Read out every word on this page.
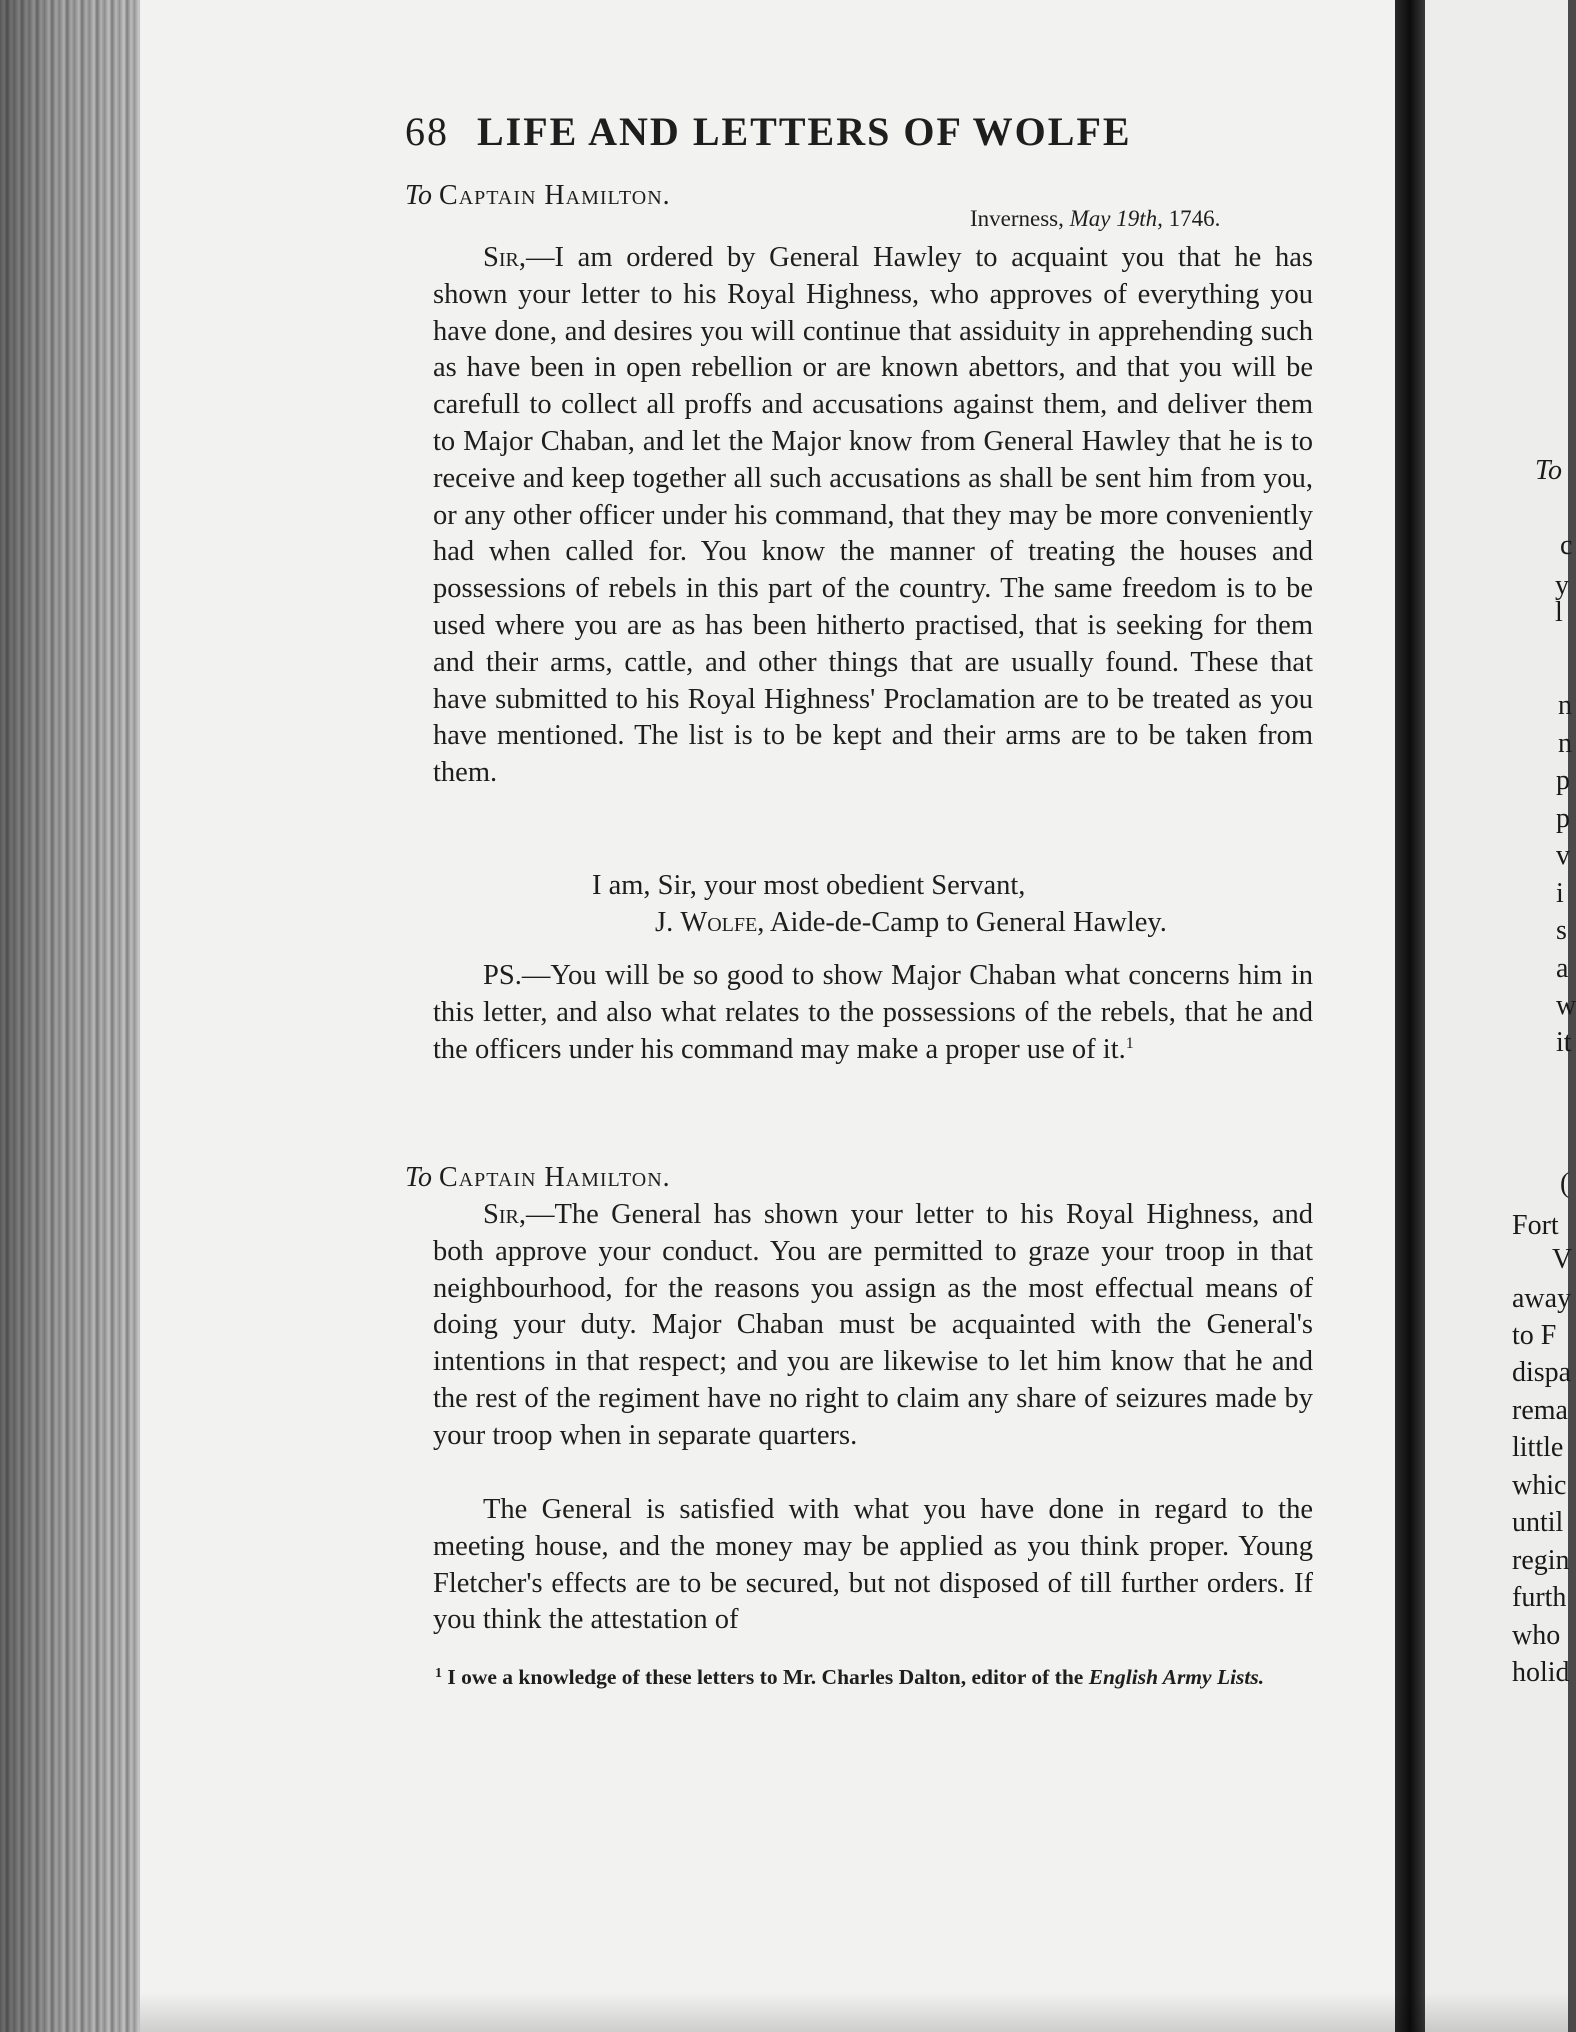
68 LIFE AND LETTERS OF WOLFE
To Captain Hamilton.
Inverness, May 19th, 1746.

Sir,—I am ordered by General Hawley to acquaint you that he has shown your letter to his Royal Highness, who approves of everything you have done, and desires you will continue that assiduity in apprehending such as have been in open rebellion or are known abettors, and that you will be carefull to collect all proffs and accusations against them, and deliver them to Major Chaban, and let the Major know from General Hawley that he is to receive and keep together all such accusations as shall be sent him from you, or any other officer under his command, that they may be more conveniently had when called for. You know the manner of treating the houses and possessions of rebels in this part of the country. The same freedom is to be used where you are as has been hitherto practised, that is seeking for them and their arms, cattle, and other things that are usually found. These that have submitted to his Royal Highness' Proclamation are to be treated as you have mentioned. The list is to be kept and their arms are to be taken from them.

I am, Sir, your most obedient Servant,
J. Wolfe, Aide-de-Camp to General Hawley.

PS.—You will be so good to show Major Chaban what concerns him in this letter, and also what relates to the possessions of the rebels, that he and the officers under his command may make a proper use of it.$^1$

To Captain Hamilton.

Sir,—The General has shown your letter to his Royal Highness, and both approve your conduct. You are permitted to graze your troop in that neighbourhood, for the reasons you assign as the most effectual means of doing your duty. Major Chaban must be acquainted with the General's intentions in that respect; and you are likewise to let him know that he and the rest of the regiment have no right to claim any share of seizures made by your troop when in separate quarters.

The General is satisfied with what you have done in regard to the meeting house, and the money may be applied as you think proper. Young Fletcher's effects are to be secured, but not disposed of till further orders. If you think the attestation of

$^1$ I owe a knowledge of these letters to Mr. Charles Dalton, editor of the English Army Lists.
To
c
y
l
n
n
p
p
v
i
s
a
w
it
(
Fort
V
away
to F
dispa
rema
little
whic
until
regin
furth
who
holid
